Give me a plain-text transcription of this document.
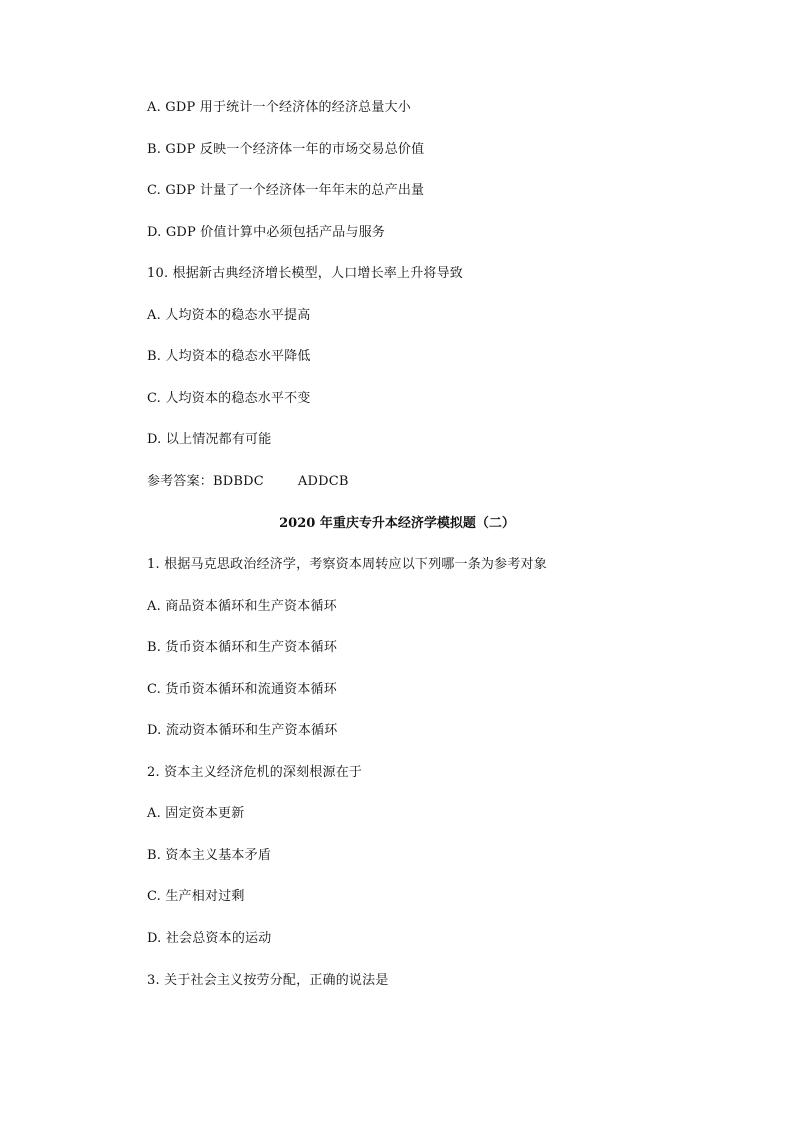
A. GDP 用于统计一个经济体的经济总量大小
B. GDP 反映一个经济体一年的市场交易总价值
C. GDP 计量了一个经济体一年年末的总产出量
D. GDP 价值计算中必须包括产品与服务
10. 根据新古典经济增长模型，人口增长率上升将导致
A. 人均资本的稳态水平提高
B. 人均资本的稳态水平降低
C. 人均资本的稳态水平不变
D. 以上情况都有可能
参考答案：BDBDC	ADDCB
2020 年重庆专升本经济学模拟题（二）
1. 根据马克思政治经济学，考察资本周转应以下列哪一条为参考对象
A. 商品资本循环和生产资本循环
B. 货币资本循环和生产资本循环
C. 货币资本循环和流通资本循环
D. 流动资本循环和生产资本循环
2. 资本主义经济危机的深刻根源在于
A. 固定资本更新
B. 资本主义基本矛盾
C. 生产相对过剩
D. 社会总资本的运动
3. 关于社会主义按劳分配，正确的说法是
